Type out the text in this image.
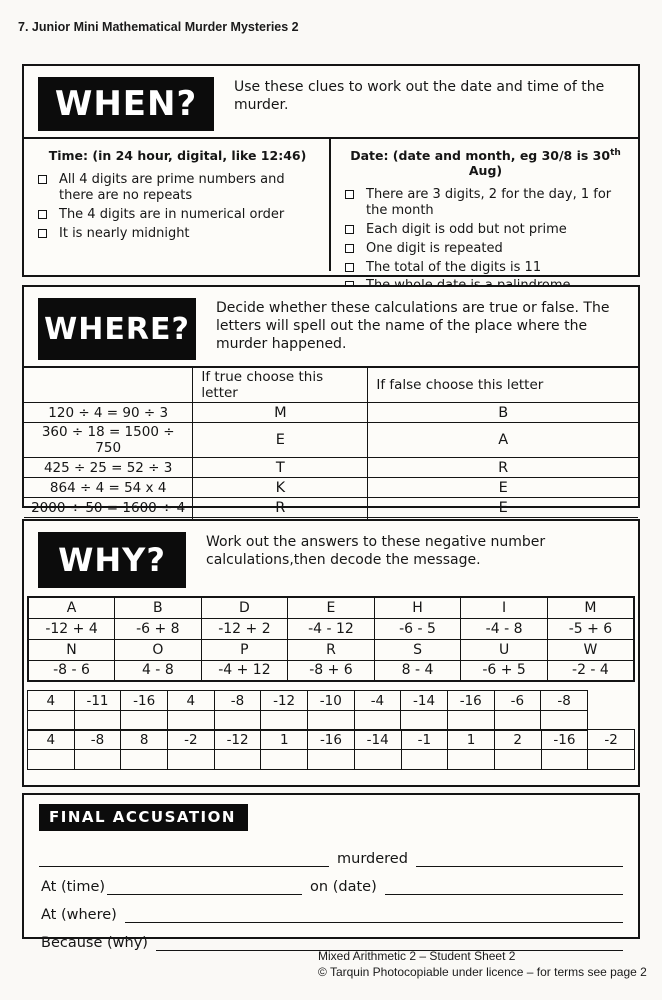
7. Junior Mini Mathematical Murder Mysteries 2
WHEN?	Use these clues to work out the date and time of the murder.
Time: (in 24 hour, digital, like 12:46)
All 4 digits are prime numbers and there are no repeats
The 4 digits are in numerical order
It is nearly midnight
Date: (date and month, eg 30/8 is 30th Aug)
There are 3 digits, 2 for the day, 1 for the month
Each digit is odd but not prime
One digit is repeated
The total of the digits is 11
WHERE?
Decide whether these calculations are true or false. The letters will spell out the name of the place where the murder happened.
	If true choose this letter	If false choose this letter
120 ÷ 4 = 90 ÷ 3	M	B
360 ÷ 18 = 1500 ÷ 750	E	A
425 ÷ 25 = 52 ÷ 3	T	R
864 ÷ 4 = 54 x 4	K	E
2000 ÷ 50 = 1600 ÷ 4	R	E

WHY?	Work out the answers to these negative number calculations,then decode the message.
A	B	D	E	H	I	M
-12 + 4	-6 + 8	-12 + 2	-4 - 12	-6 - 5	-4 - 8	-5 + 6
N	O	P	R	S	U	W
-8 - 6	4 - 8	-4 + 12	-8 + 6	8 - 4	-6 + 5	-2 - 4
4	-11	-16	4	-8	-12	-10	-4	-14	-16	-6	-8

4	-8	8	-2	-12	1	-16	-14	-1	1	2	-16	-2

FINAL ACCUSATION
murdered
At (time)	on (date)
At (where)
Because (why)
Mixed Arithmetic 2 – Student Sheet 2
© Tarquin Photocopiable under licence – for terms see page 2
